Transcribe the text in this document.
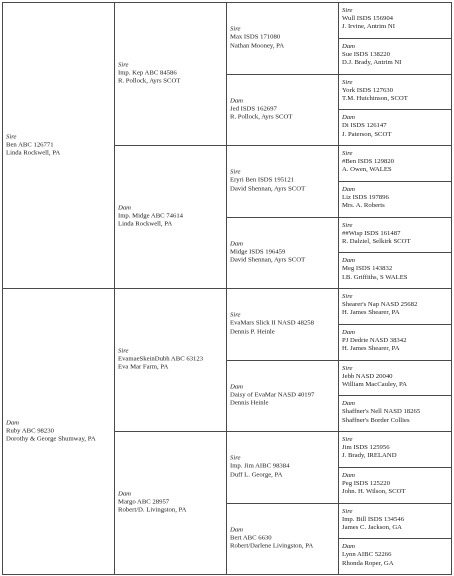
Sire
Ben ABC 126771
Linda Rockwell, PA
Sire
Imp. Kep ABC 84586
R. Pollock, Ayrs SCOT
Sire
Max ISDS 171080
Nathan Mooney, PA
Sire
Wull ISDS 156904
J. Irvine, Antrim NI
Dam
Sue ISDS 138220
D.J. Brady, Antrim NI
Dam
Jed ISDS 162697
R. Pollock, Ayrs SCOT
Sire
York ISDS 127630
T.M. Hutchinson, SCOT
Dam
Di ISDS 126147
J. Paterson, SCOT
Dam
Imp. Midge ABC 74614
Linda Rockwell, PA
Sire
Eryri Ben ISDS 195121
David Shennan, Ayrs SCOT
Sire
#Ben ISDS 129820
A. Owen, WALES
Dam
Liz ISDS 197896
Mrs. A. Roberts
Dam
Midge ISDS 196459
David Shennan, Ayrs SCOT
Sire
##Wisp ISDS 161487
R. Dalziel, Selkirk SCOT
Dam
Meg ISDS 143832
I.B. Griffiths, S WALES
Dam
Ruby ABC 98230
Dorothy & George Shumway, PA
Sire
EvamaeSkeinDubh ABC 63123
Eva Mar Farm, PA
Sire
EvaMars Slick II NASD 48258
Dennis P. Heinle
Sire
Shearer's Nap NASD 25682
H. James Shearer, PA
Dam
PJ Dedrie NASD 38342
H. James Shearer, PA
Dam
Daisy of EvaMar NASD 40197
Dennis Heinle
Sire
Jebb NASD 20040
William MacCauley, PA
Dam
Shaffner's Nell NASD 18265
Shaffner's Border Collies
Dam
Margo ABC 28957
Robert/D. Livingston, PA
Sire
Imp. Jim AIBC 98384
Duff L. George, PA
Sire
Jim ISDS 125956
J. Brady, IRELAND
Dam
Peg ISDS 125220
John. H. Wilson, SCOT
Dam
Bert ABC 6630
Robert/Darlene Livingston, PA
Sire
Imp. Bill ISDS 134546
James C. Jackson, GA
Dam
Lynn AIBC 52266
Rhonda Roper, GA
